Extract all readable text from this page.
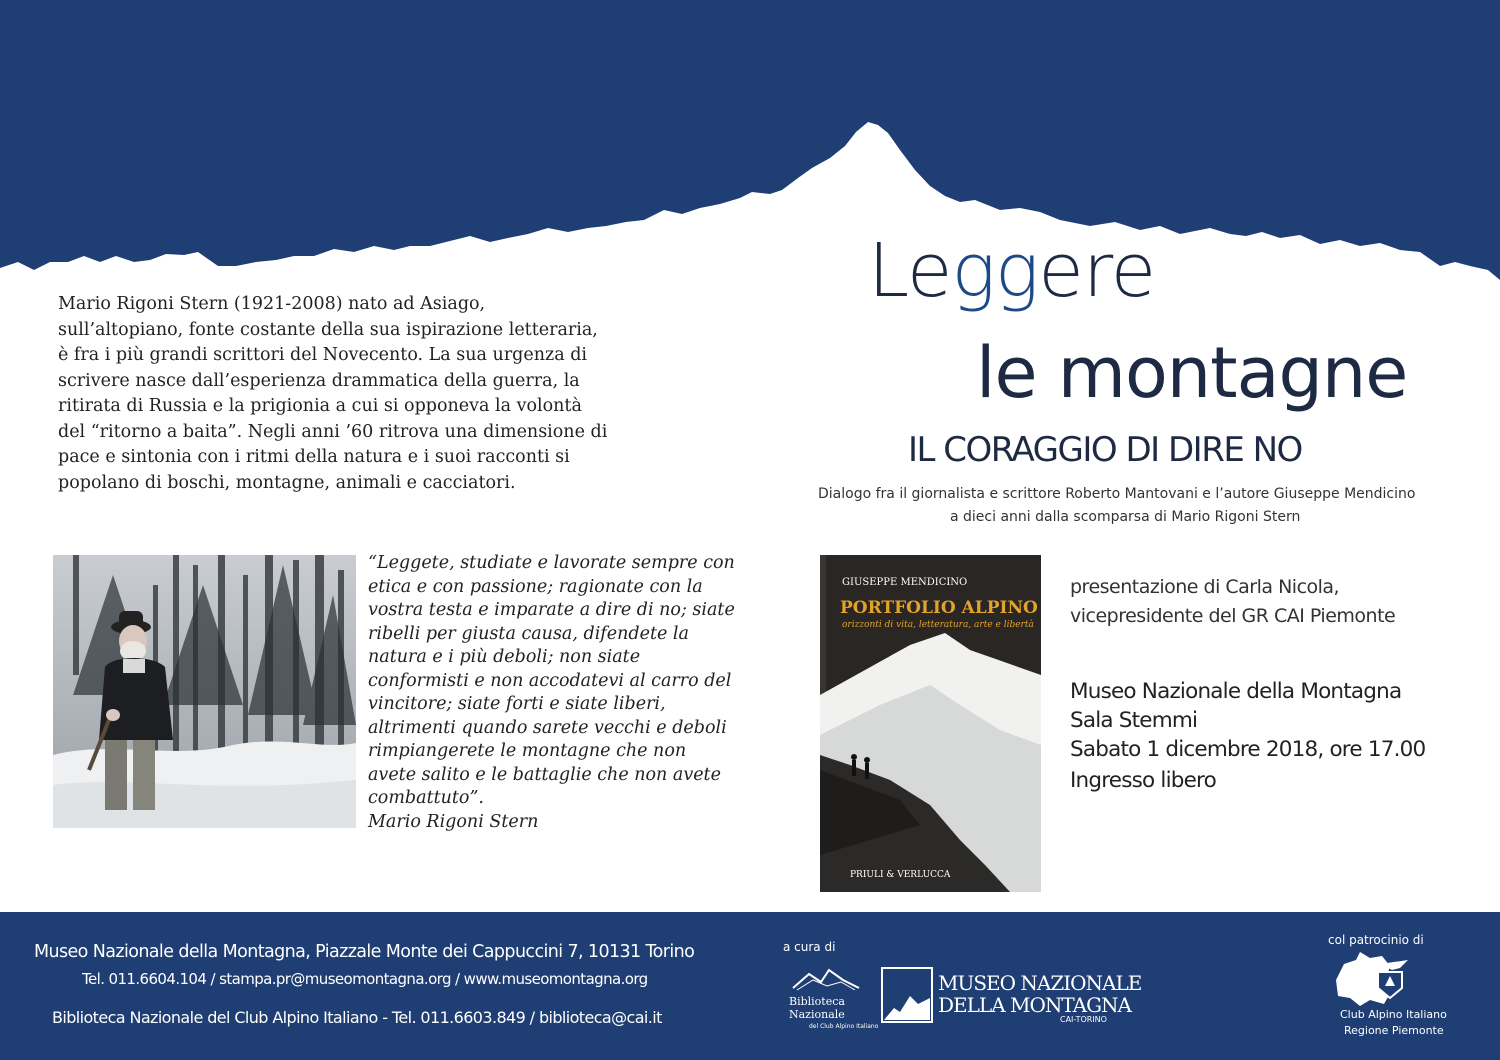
Leggere
le montagne
IL CORAGGIO DI DIRE NO
Dialogo fra il giornalista e scrittore Roberto Mantovani e l’autore Giuseppe Mendicino
a dieci anni dalla scomparsa di Mario Rigoni Stern
Mario Rigoni Stern (1921-2008) nato ad Asiago,
sull’altopiano, fonte costante della sua ispirazione letteraria,
è fra i più grandi scrittori del Novecento. La sua urgenza di
scrivere nasce dall’esperienza drammatica della guerra, la
ritirata di Russia e la prigionia a cui si opponeva la volontà
del “ritorno a baita”. Negli anni ’60 ritrova una dimensione di
pace e sintonia con i ritmi della natura e i suoi racconti si
popolano di boschi, montagne, animali e cacciatori.
“Leggete, studiate e lavorate sempre con
etica e con passione; ragionate con la
vostra testa e imparate a dire di no; siate
ribelli per giusta causa, difendete la
natura e i più deboli; non siate
conformisti e non accodatevi al carro del
vincitore; siate forti e siate liberi,
altrimenti quando sarete vecchi e deboli
rimpiangerete le montagne che non
avete salito e le battaglie che non avete
combattuto”.
Mario Rigoni Stern
GIUSEPPE MENDICINO
PORTFOLIO ALPINO
orizzonti di vita, letteratura, arte e libertà
PRIULI & VERLUCCA
presentazione di Carla Nicola,
vicepresidente del GR CAI Piemonte
Museo Nazionale della Montagna
Sala Stemmi
Sabato 1 dicembre 2018, ore 17.00
Ingresso libero
Museo Nazionale della Montagna, Piazzale Monte dei Cappuccini 7, 10131 Torino
Tel. 011.6604.104 / stampa.pr@museomontagna.org / www.museomontagna.org
Biblioteca Nazionale del Club Alpino Italiano - Tel. 011.6603.849 / biblioteca@cai.it
a cura di	col patrocinio di
Biblioteca
Nazionale
del Club Alpino Italiano
MUSEO NAZIONALE
DELLA MONTAGNA
CAI-TORINO	Club Alpino Italiano
Regione Piemonte
